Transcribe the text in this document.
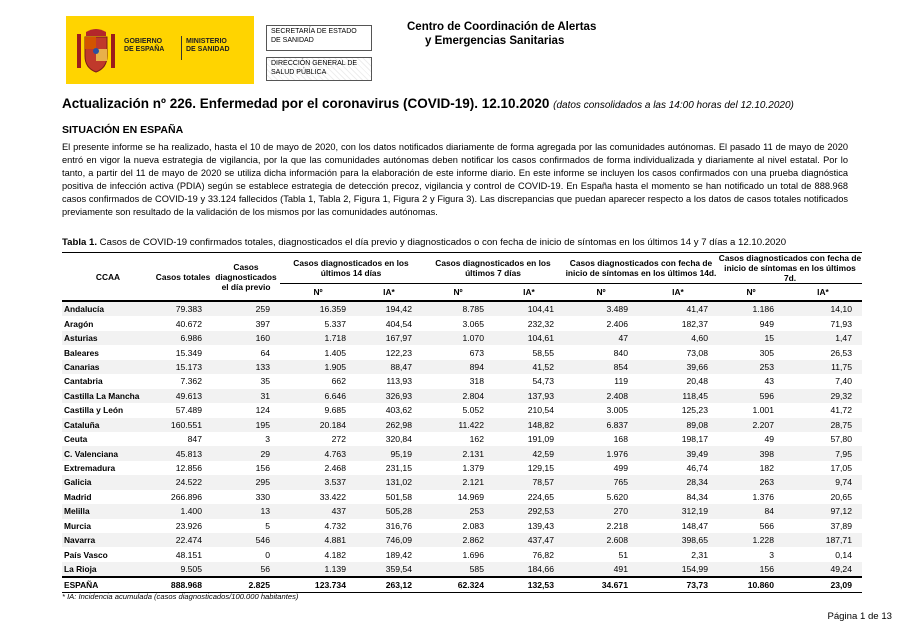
GOBIERNO
DE ESPAÑA
MINISTERIO
DE SANIDAD
SECRETARÍA DE ESTADO
DE SANIDAD
DIRECCIÓN GENERAL DE
SALUD PÚBLICA
Centro de Coordinación de Alertas
y Emergencias Sanitarias
Actualización nº 226. Enfermedad por el coronavirus (COVID-19). 12.10.2020 (datos consolidados a las 14:00 horas del 12.10.2020)
SITUACIÓN EN ESPAÑA
El presente informe se ha realizado, hasta el 10 de mayo de 2020, con los datos notificados diariamente de forma agregada por las comunidades autónomas. El pasado 11 de mayo de 2020 entró en vigor la nueva estrategia de vigilancia, por la que las comunidades autónomas deben notificar los casos confirmados de forma individualizada y diariamente al nivel estatal. Por lo tanto, a partir del 11 de mayo de 2020 se utiliza dicha información para la elaboración de este informe diario. En este informe se incluyen los casos confirmados con una prueba diagnóstica positiva de infección activa (PDIA) según se establece estrategia de detección precoz, vigilancia y control de COVID-19. En España hasta el momento se han notificado un total de 888.968 casos confirmados de COVID-19 y 33.124 fallecidos (Tabla 1, Tabla 2, Figura 1, Figura 2 y Figura 3). Las discrepancias que puedan aparecer respecto a los datos de casos totales notificados previamente son resultado de la validación de los mismos por las comunidades autónomas.
Tabla 1. Casos de COVID-19 confirmados totales, diagnosticados el día previo y diagnosticados o con fecha de inicio de síntomas en los últimos 14 y 7 días a 12.10.2020
CCAA	Casos totales	Casos diagnosticados el día previo	Casos diagnosticados en los últimos 14 días		Casos diagnosticados en los últimos 7 días		Casos diagnosticados con fecha de inicio de síntomas en los últimos 14d.		Casos diagnosticados con fecha de inicio de síntomas en los últimos 7d.	
			Nº	IA*	Nº	IA*	Nº	IA*	Nº	IA*
Andalucía	79.383	259	16.359	194,42	8.785	104,41	3.489	41,47	1.186	14,10
Aragón	40.672	397	5.337	404,54	3.065	232,32	2.406	182,37	949	71,93
Asturias	6.986	160	1.718	167,97	1.070	104,61	47	4,60	15	1,47
Baleares	15.349	64	1.405	122,23	673	58,55	840	73,08	305	26,53
Canarias	15.173	133	1.905	88,47	894	41,52	854	39,66	253	11,75
Cantabria	7.362	35	662	113,93	318	54,73	119	20,48	43	7,40
Castilla La Mancha	49.613	31	6.646	326,93	2.804	137,93	2.408	118,45	596	29,32
Castilla y León	57.489	124	9.685	403,62	5.052	210,54	3.005	125,23	1.001	41,72
Cataluña	160.551	195	20.184	262,98	11.422	148,82	6.837	89,08	2.207	28,75
Ceuta	847	3	272	320,84	162	191,09	168	198,17	49	57,80
C. Valenciana	45.813	29	4.763	95,19	2.131	42,59	1.976	39,49	398	7,95
Extremadura	12.856	156	2.468	231,15	1.379	129,15	499	46,74	182	17,05
Galicia	24.522	295	3.537	131,02	2.121	78,57	765	28,34	263	9,74
Madrid	266.896	330	33.422	501,58	14.969	224,65	5.620	84,34	1.376	20,65
Melilla	1.400	13	437	505,28	253	292,53	270	312,19	84	97,12
Murcia	23.926	5	4.732	316,76	2.083	139,43	2.218	148,47	566	37,89
Navarra	22.474	546	4.881	746,09	2.862	437,47	2.608	398,65	1.228	187,71
País Vasco	48.151	0	4.182	189,42	1.696	76,82	51	2,31	3	0,14
La Rioja	9.505	56	1.139	359,54	585	184,66	491	154,99	156	49,24
ESPAÑA	888.968	2.825	123.734	263,12	62.324	132,53	34.671	73,73	10.860	23,09
* IA: Incidencia acumulada (casos diagnosticados/100.000 habitantes)
Página 1 de 13
